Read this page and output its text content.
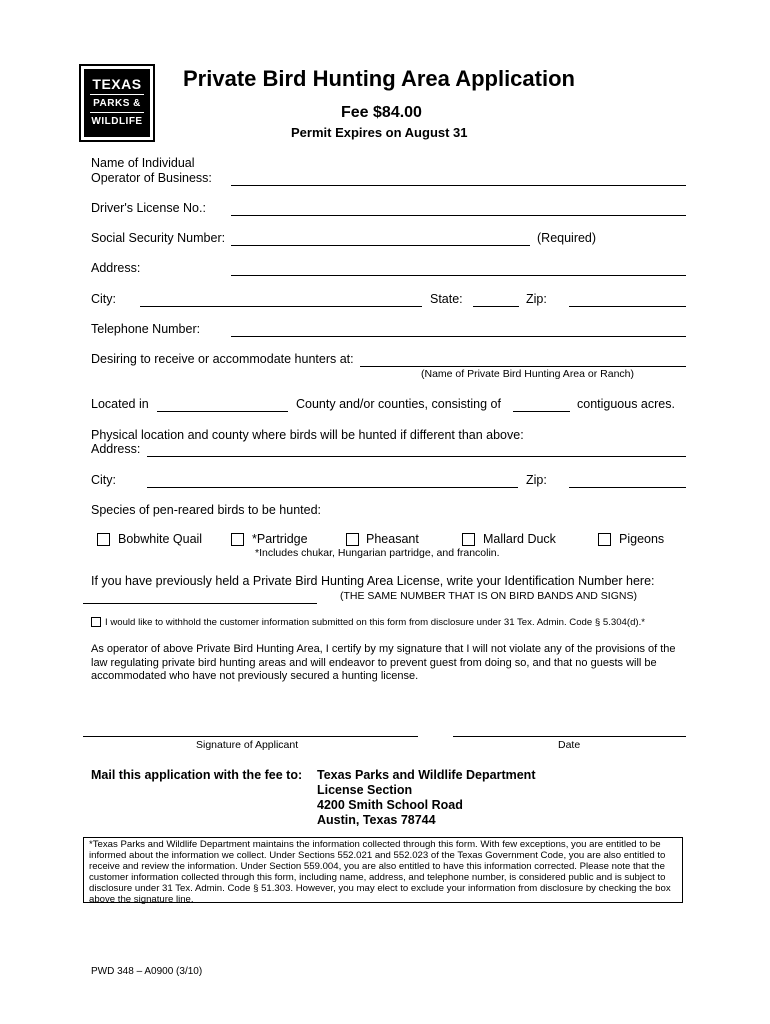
TEXAS
PARKS &
WILDLIFE
Private Bird Hunting Area Application
Fee $84.00
Permit Expires on August 31
Name of Individual
Operator of Business:
Driver's License No.:
Social Security Number:	(Required)
Address:
City:	State:	Zip:
Telephone Number:
Desiring to receive or accommodate hunters at:
(Name of Private Bird Hunting Area or Ranch)
Located in	County and/or counties, consisting of	contiguous acres.
Physical location and county where birds will be hunted if different than above:
Address:
City:	Zip:
Species of pen-reared birds to be hunted:
Bobwhite Quail	*Partridge	Pheasant	Mallard Duck	Pigeons
*Includes chukar, Hungarian partridge, and francolin.
If you have previously held a Private Bird Hunting Area License, write your Identification Number here:
(THE SAME NUMBER THAT IS ON BIRD BANDS AND SIGNS)
I would like to withhold the customer information submitted on this form from disclosure under 31 Tex. Admin. Code § 5.304(d).*
As operator of above Private Bird Hunting Area, I certify by my signature that I will not violate any of the provisions of the law regulating private bird hunting areas and will endeavor to prevent guest from doing so, and that no guests will be accommodated who have not previously secured a hunting license.
Signature of Applicant	Date
Mail this application with the fee to: Texas Parks and Wildlife Department
License Section
4200 Smith School Road
Austin, Texas 78744
*Texas Parks and Wildlife Department maintains the information collected through this form. With few exceptions, you are entitled to be informed about the information we collect. Under Sections 552.021 and 552.023 of the Texas Government Code, you are also entitled to receive and review the information. Under Section 559.004, you are also entitled to have this information corrected. Please note that the customer information collected through this form, including name, address, and telephone number, is considered public and is subject to disclosure under 31 Tex. Admin. Code § 51.303. However, you may elect to exclude your information from disclosure by checking the box above the signature line.
PWD 348 – A0900 (3/10)
